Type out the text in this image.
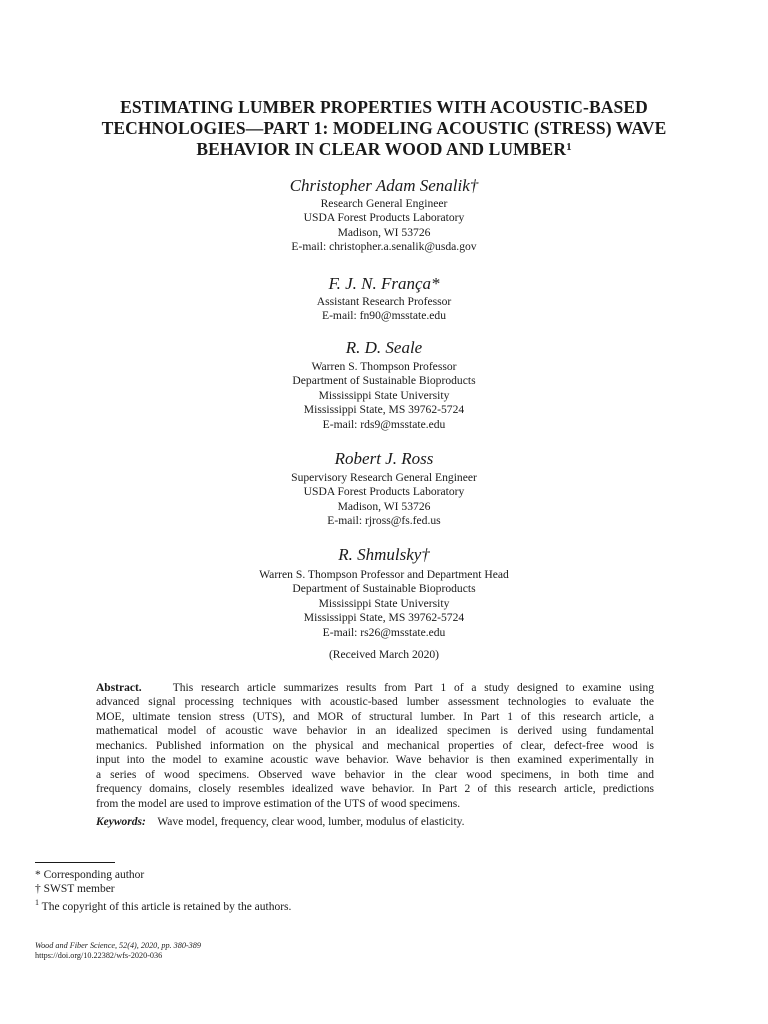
ESTIMATING LUMBER PROPERTIES WITH ACOUSTIC-BASED
TECHNOLOGIES—PART 1: MODELING ACOUSTIC (STRESS) WAVE
BEHAVIOR IN CLEAR WOOD AND LUMBER$^1$
Christopher Adam Senalik†
Research General Engineer
USDA Forest Products Laboratory
Madison, WI 53726
E-mail: christopher.a.senalik@usda.gov
F. J. N. França*
Assistant Research Professor
E-mail: fn90@msstate.edu
R. D. Seale
Warren S. Thompson Professor
Department of Sustainable Bioproducts
Mississippi State University
Mississippi State, MS 39762-5724
E-mail: rds9@msstate.edu
Robert J. Ross
Supervisory Research General Engineer
USDA Forest Products Laboratory
Madison, WI 53726
E-mail: rjross@fs.fed.us
R. Shmulsky†
Warren S. Thompson Professor and Department Head
Department of Sustainable Bioproducts
Mississippi State University
Mississippi State, MS 39762-5724
E-mail: rs26@msstate.edu
(Received March 2020)
Abstract.	This research article summarizes results from Part 1 of a study designed to examine using
advanced signal processing techniques with acoustic-based lumber assessment technologies to evaluate the
MOE, ultimate tension stress (UTS), and MOR of structural lumber. In Part 1 of this research article, a
mathematical model of acoustic wave behavior in an idealized specimen is derived using fundamental
mechanics. Published information on the physical and mechanical properties of clear, defect-free wood is
input into the model to examine acoustic wave behavior. Wave behavior is then examined experimentally in
a series of wood specimens. Observed wave behavior in the clear wood specimens, in both time and
frequency domains, closely resembles idealized wave behavior. In Part 2 of this research article, predictions
from the model are used to improve estimation of the UTS of wood specimens.
Keywords: Wave model, frequency, clear wood, lumber, modulus of elasticity.
* Corresponding author
† SWST member
$^1$ The copyright of this article is retained by the authors.
Wood and Fiber Science, 52(4), 2020, pp. 380-389
https://doi.org/10.22382/wfs-2020-036
